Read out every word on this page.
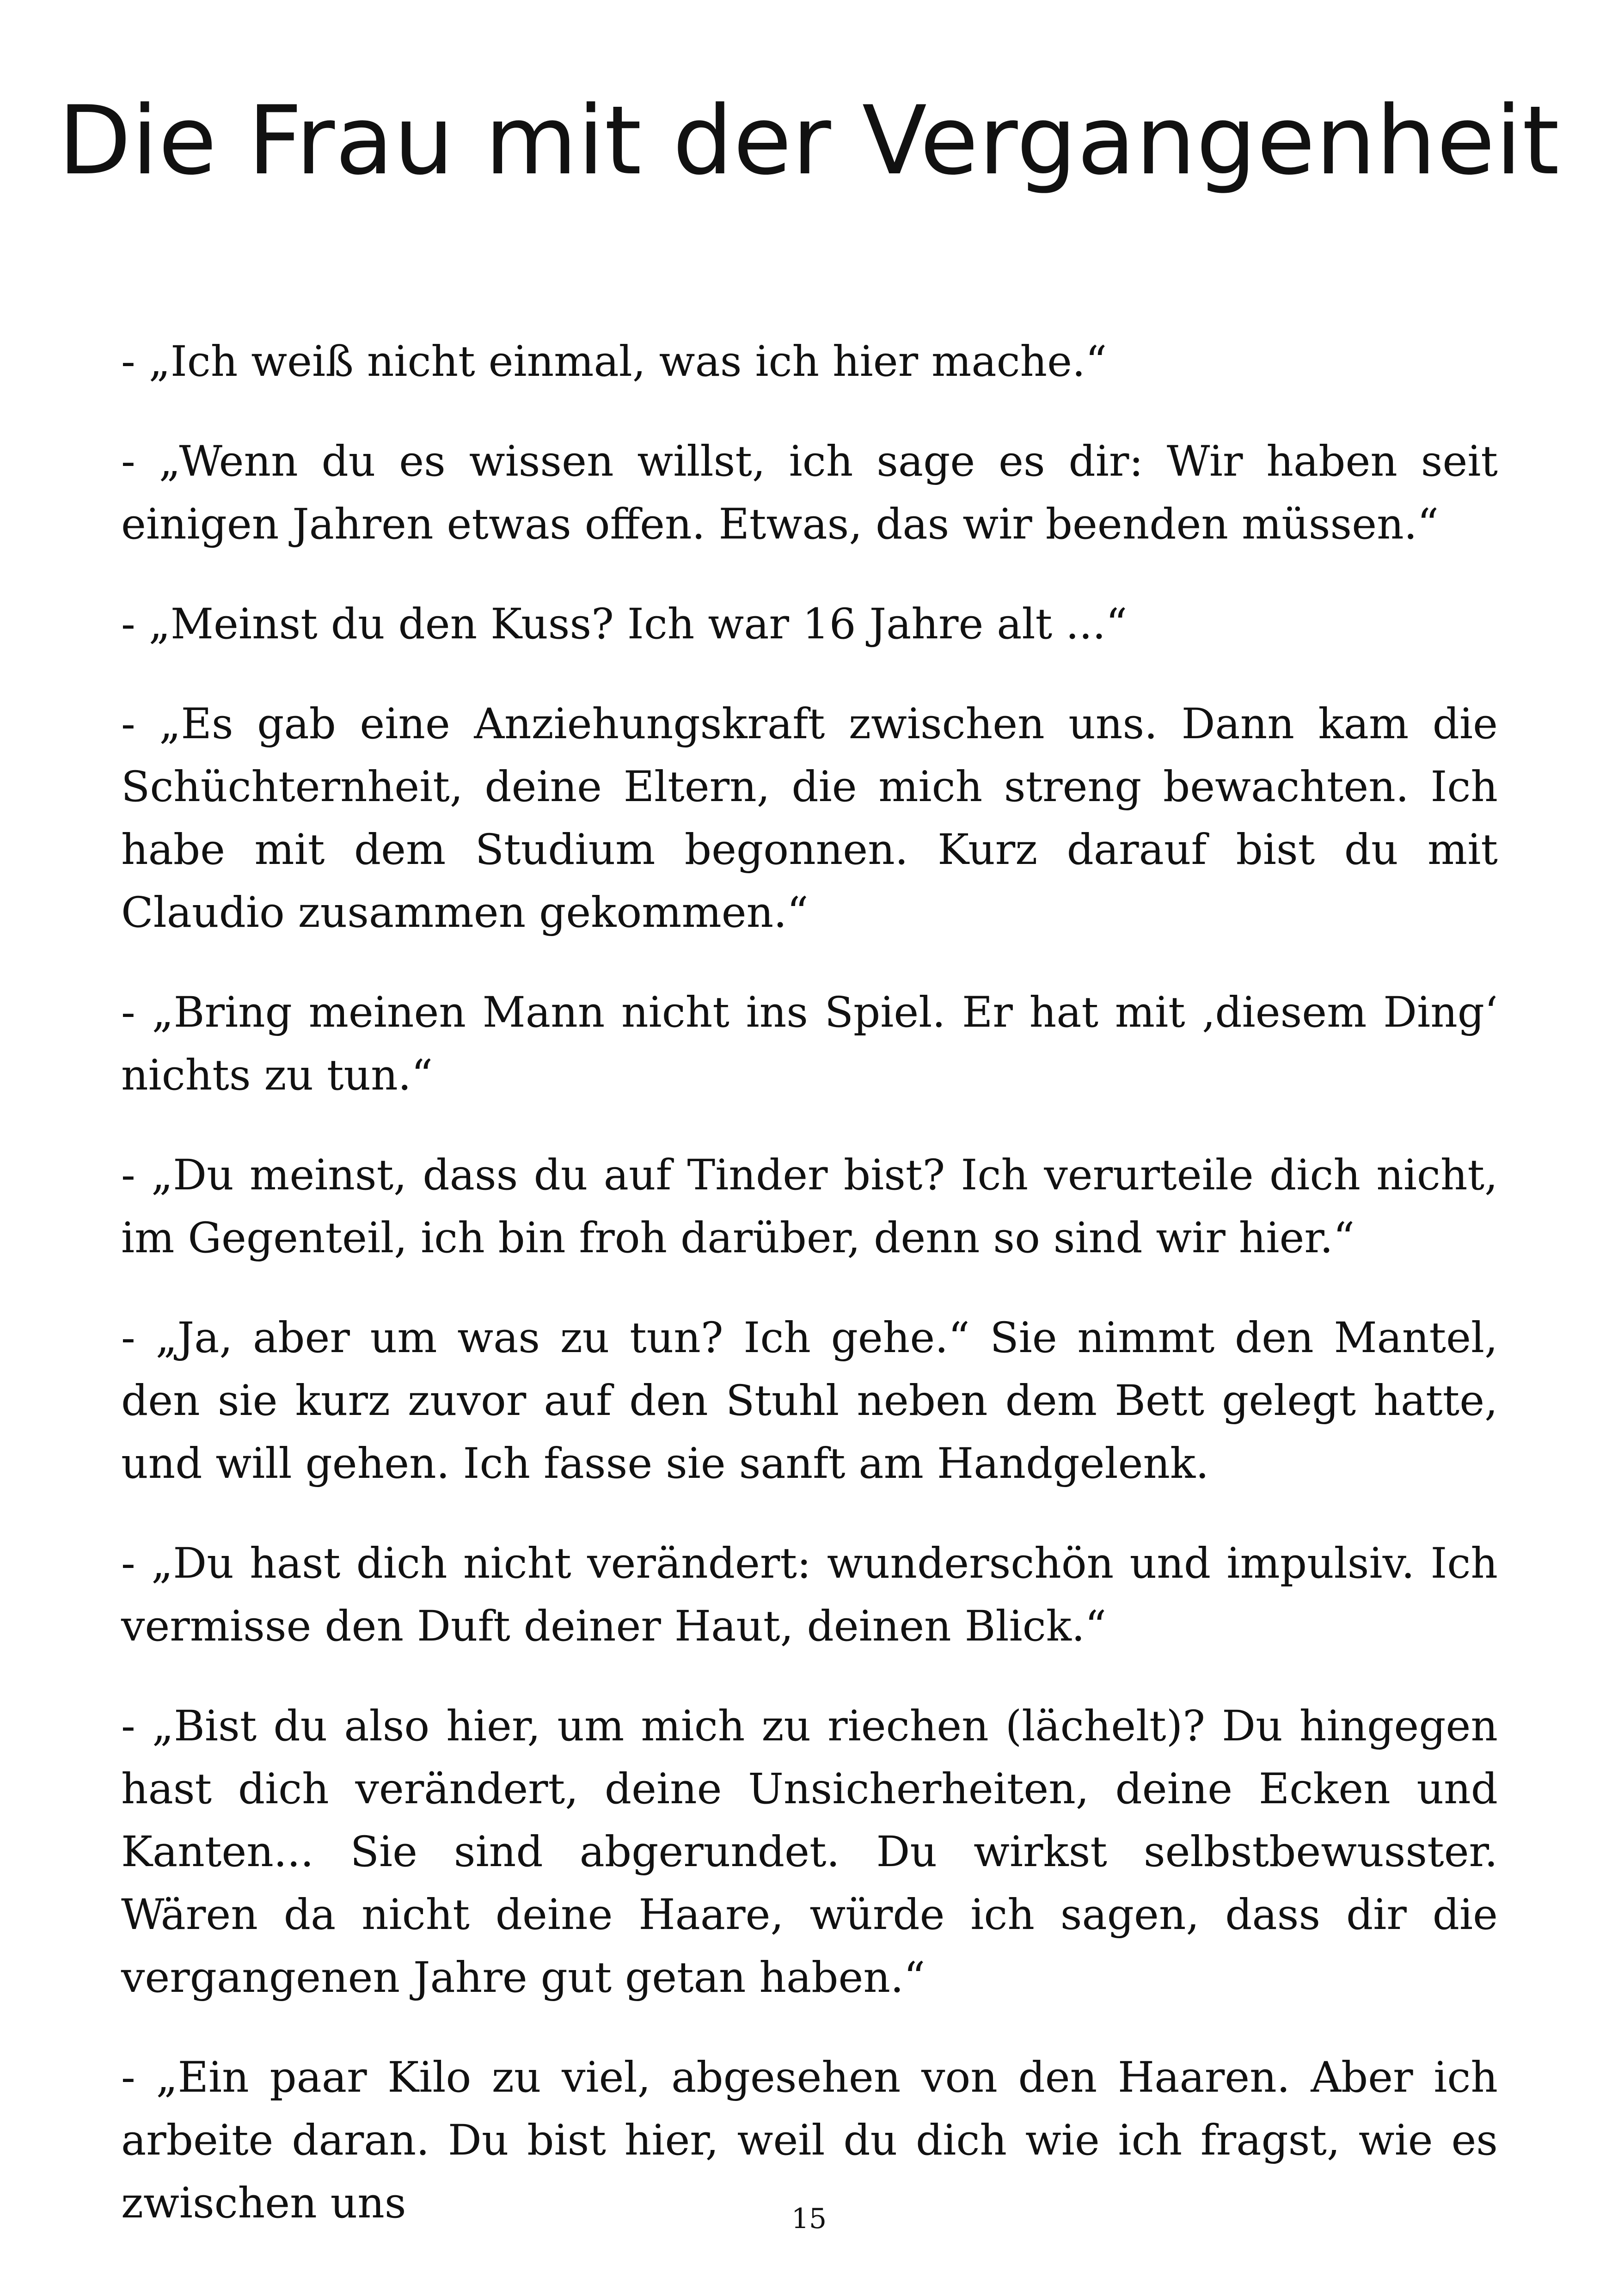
Die Frau mit der Vergangenheit

- „Ich weiß nicht einmal, was ich hier mache.“

- „Wenn du es wissen willst, ich sage es dir: Wir haben seit einigen Jahren etwas offen. Etwas, das wir beenden müssen.“

- „Meinst du den Kuss? Ich war 16 Jahre alt ...“

- „Es gab eine Anziehungskraft zwischen uns. Dann kam die Schüchternheit, deine Eltern, die mich streng bewachten. Ich habe mit dem Studium begonnen. Kurz darauf bist du mit Claudio zusammen gekommen.“

- „Bring meinen Mann nicht ins Spiel. Er hat mit ‚diesem Ding‘ nichts zu tun.“

- „Du meinst, dass du auf Tinder bist? Ich verurteile dich nicht, im Gegenteil, ich bin froh darüber, denn so sind wir hier.“

- „Ja, aber um was zu tun? Ich gehe.“ Sie nimmt den Mantel, den sie kurz zuvor auf den Stuhl neben dem Bett gelegt hatte, und will gehen. Ich fasse sie sanft am Handgelenk.

- „Du hast dich nicht verändert: wunderschön und impulsiv. Ich vermisse den Duft deiner Haut, deinen Blick.“

- „Bist du also hier, um mich zu riechen (lächelt)? Du hingegen hast dich verändert, deine Unsicherheiten, deine Ecken und Kanten... Sie sind abgerundet. Du wirkst selbstbewusster. Wären da nicht deine Haare, würde ich sagen, dass dir die vergangenen Jahre gut getan haben.“

- „Ein paar Kilo zu viel, abgesehen von den Haaren. Aber ich arbeite daran. Du bist hier, weil du dich wie ich fragst, wie es zwischen uns	15
